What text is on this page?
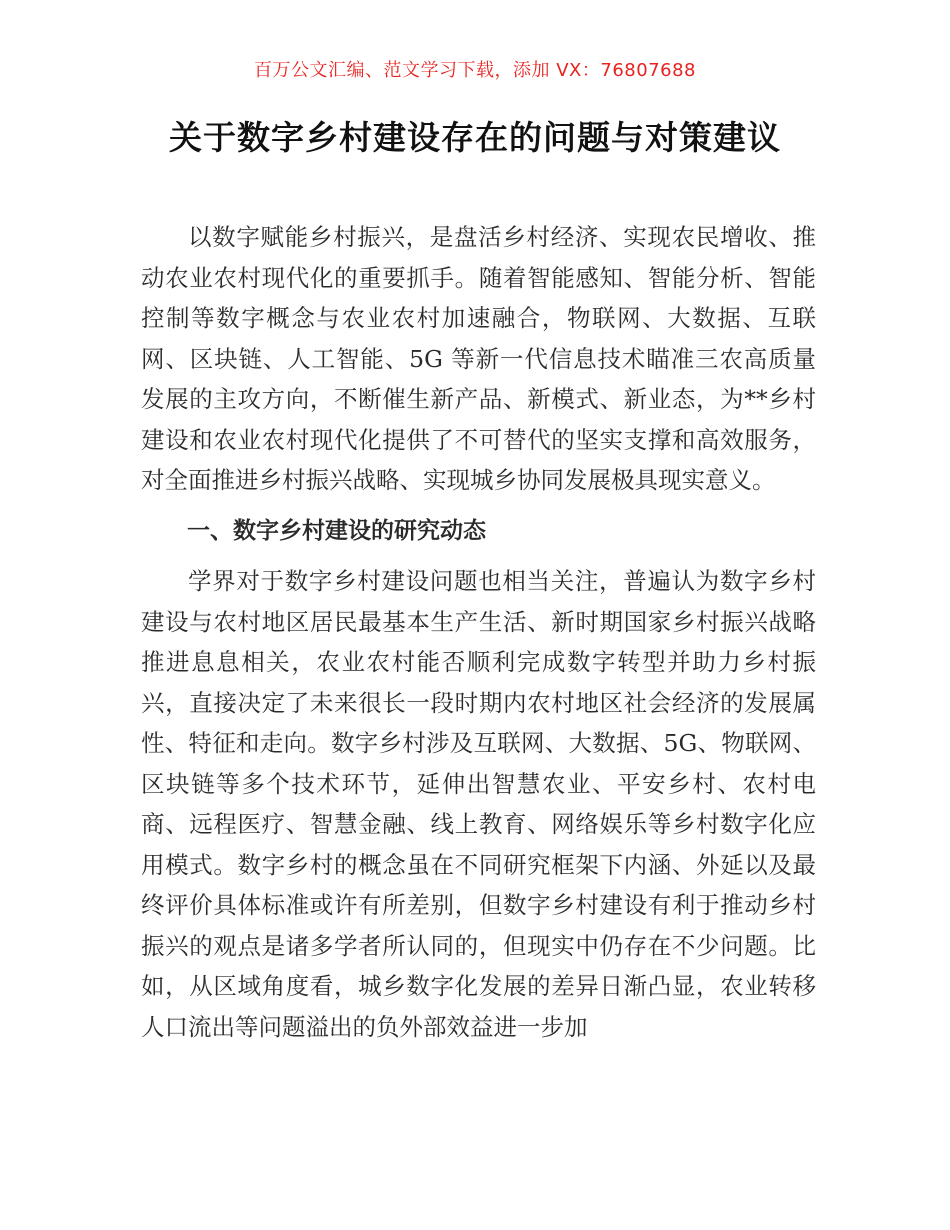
百万公文汇编、范文学习下载，添加 VX：76807688
关于数字乡村建设存在的问题与对策建议

以数字赋能乡村振兴，是盘活乡村经济、实现农民增收、推动农业农村现代化的重要抓手。随着智能感知、智能分析、智能控制等数字概念与农业农村加速融合，物联网、大数据、互联网、区块链、人工智能、5G 等新一代信息技术瞄准三农高质量发展的主攻方向，不断催生新产品、新模式、新业态，为**乡村建设和农业农村现代化提供了不可替代的坚实支撑和高效服务，对全面推进乡村振兴战略、实现城乡协同发展极具现实意义。

一、数字乡村建设的研究动态

学界对于数字乡村建设问题也相当关注，普遍认为数字乡村建设与农村地区居民最基本生产生活、新时期国家乡村振兴战略推进息息相关，农业农村能否顺利完成数字转型并助力乡村振兴，直接决定了未来很长一段时期内农村地区社会经济的发展属性、特征和走向。数字乡村涉及互联网、大数据、5G、物联网、区块链等多个技术环节，延伸出智慧农业、平安乡村、农村电商、远程医疗、智慧金融、线上教育、网络娱乐等乡村数字化应用模式。数字乡村的概念虽在不同研究框架下内涵、外延以及最终评价具体标准或许有所差别，但数字乡村建设有利于推动乡村振兴的观点是诸多学者所认同的，但现实中仍存在不少问题。比如，从区域角度看，城乡数字化发展的差异日渐凸显，农业转移人口流出等问题溢出的负外部效益进一步加
